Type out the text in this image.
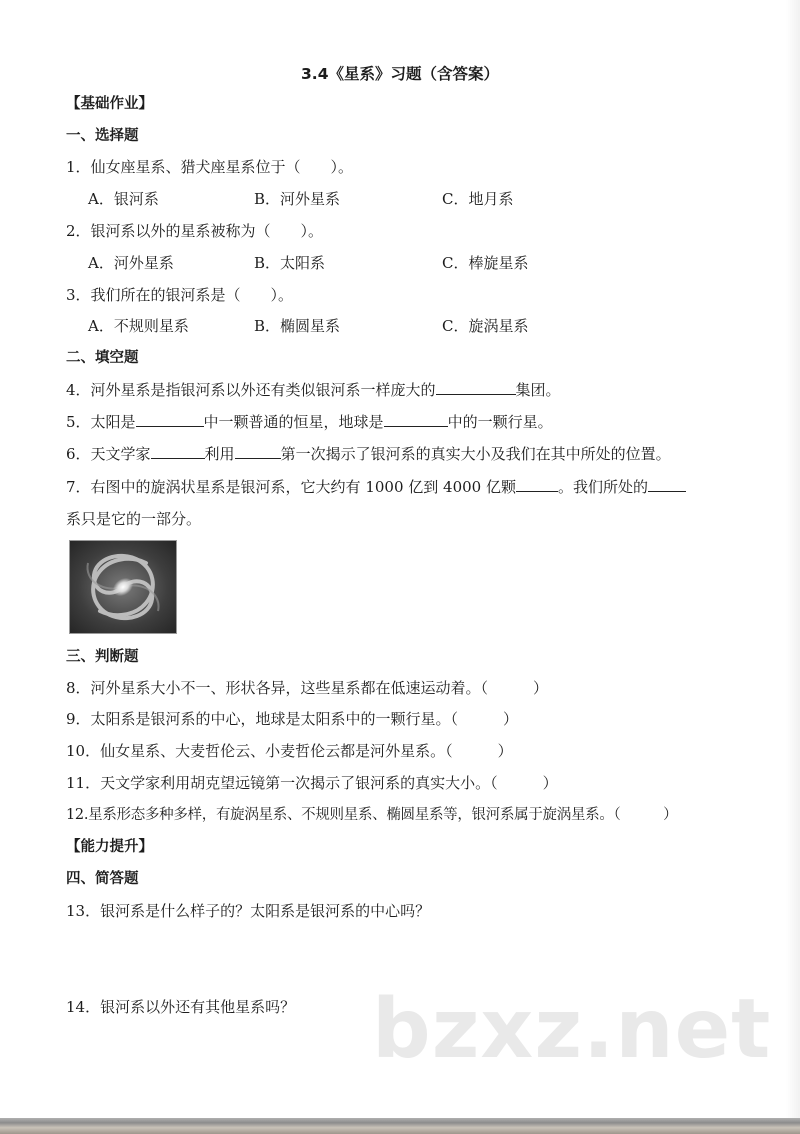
3.4《星系》习题（含答案）
【基础作业】
一、选择题
1．仙女座星系、猎犬座星系位于（　　）。
A．银河系	B．河外星系	C．地月系
2．银河系以外的星系被称为（　　）。
A．河外星系	B．太阳系	C．棒旋星系
3．我们所在的银河系是（　　）。
A．不规则星系	B．椭圆星系	C．旋涡星系
二、填空题
4．河外星系是指银河系以外还有类似银河系一样庞大的	集团。
5．太阳是	中一颗普通的恒星，地球是	中的一颗行星。
6．天文学家	利用	第一次揭示了银河系的真实大小及我们在其中所处的位置。
7．右图中的旋涡状星系是银河系，它大约有 1000 亿到 4000 亿颗	。我们所处的
系只是它的一部分。
三、判断题
8．河外星系大小不一、形状各异，这些星系都在低速运动着。（　　　）
9．太阳系是银河系的中心，地球是太阳系中的一颗行星。（　　　）
10．仙女星系、大麦哲伦云、小麦哲伦云都是河外星系。（　　　）
11．天文学家利用胡克望远镜第一次揭示了银河系的真实大小。（　　　）
12.星系形态多种多样，有旋涡星系、不规则星系、椭圆星系等，银河系属于旋涡星系。（　　　）
【能力提升】
四、简答题
13．银河系是什么样子的？太阳系是银河系的中心吗？
14．银河系以外还有其他星系吗？ bzxz.net
